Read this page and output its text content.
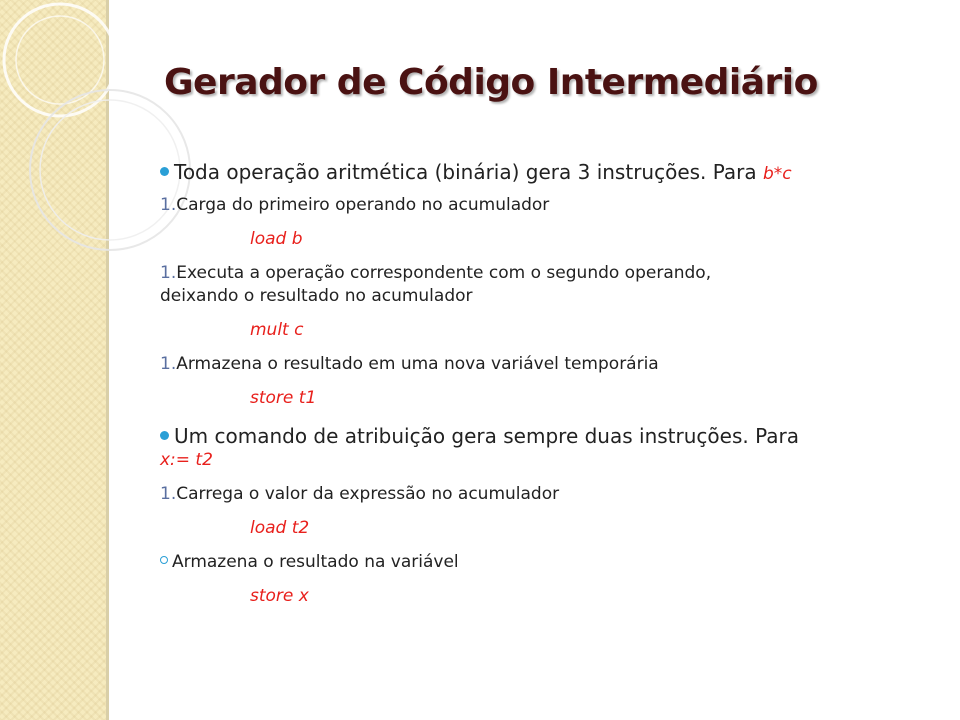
Gerador de Código Intermediário
Toda operação aritmética (binária) gera 3 instruções. Para b*c
1.Carga do primeiro operando no acumulador
load b
1.Executa a operação correspondente com o segundo operando,
deixando o resultado no acumulador
mult c
1.Armazena o resultado em uma nova variável temporária
store t1
Um comando de atribuição gera sempre duas instruções. Para
x:= t2
1.Carrega o valor da expressão no acumulador
load t2
Armazena o resultado na variável
store x
